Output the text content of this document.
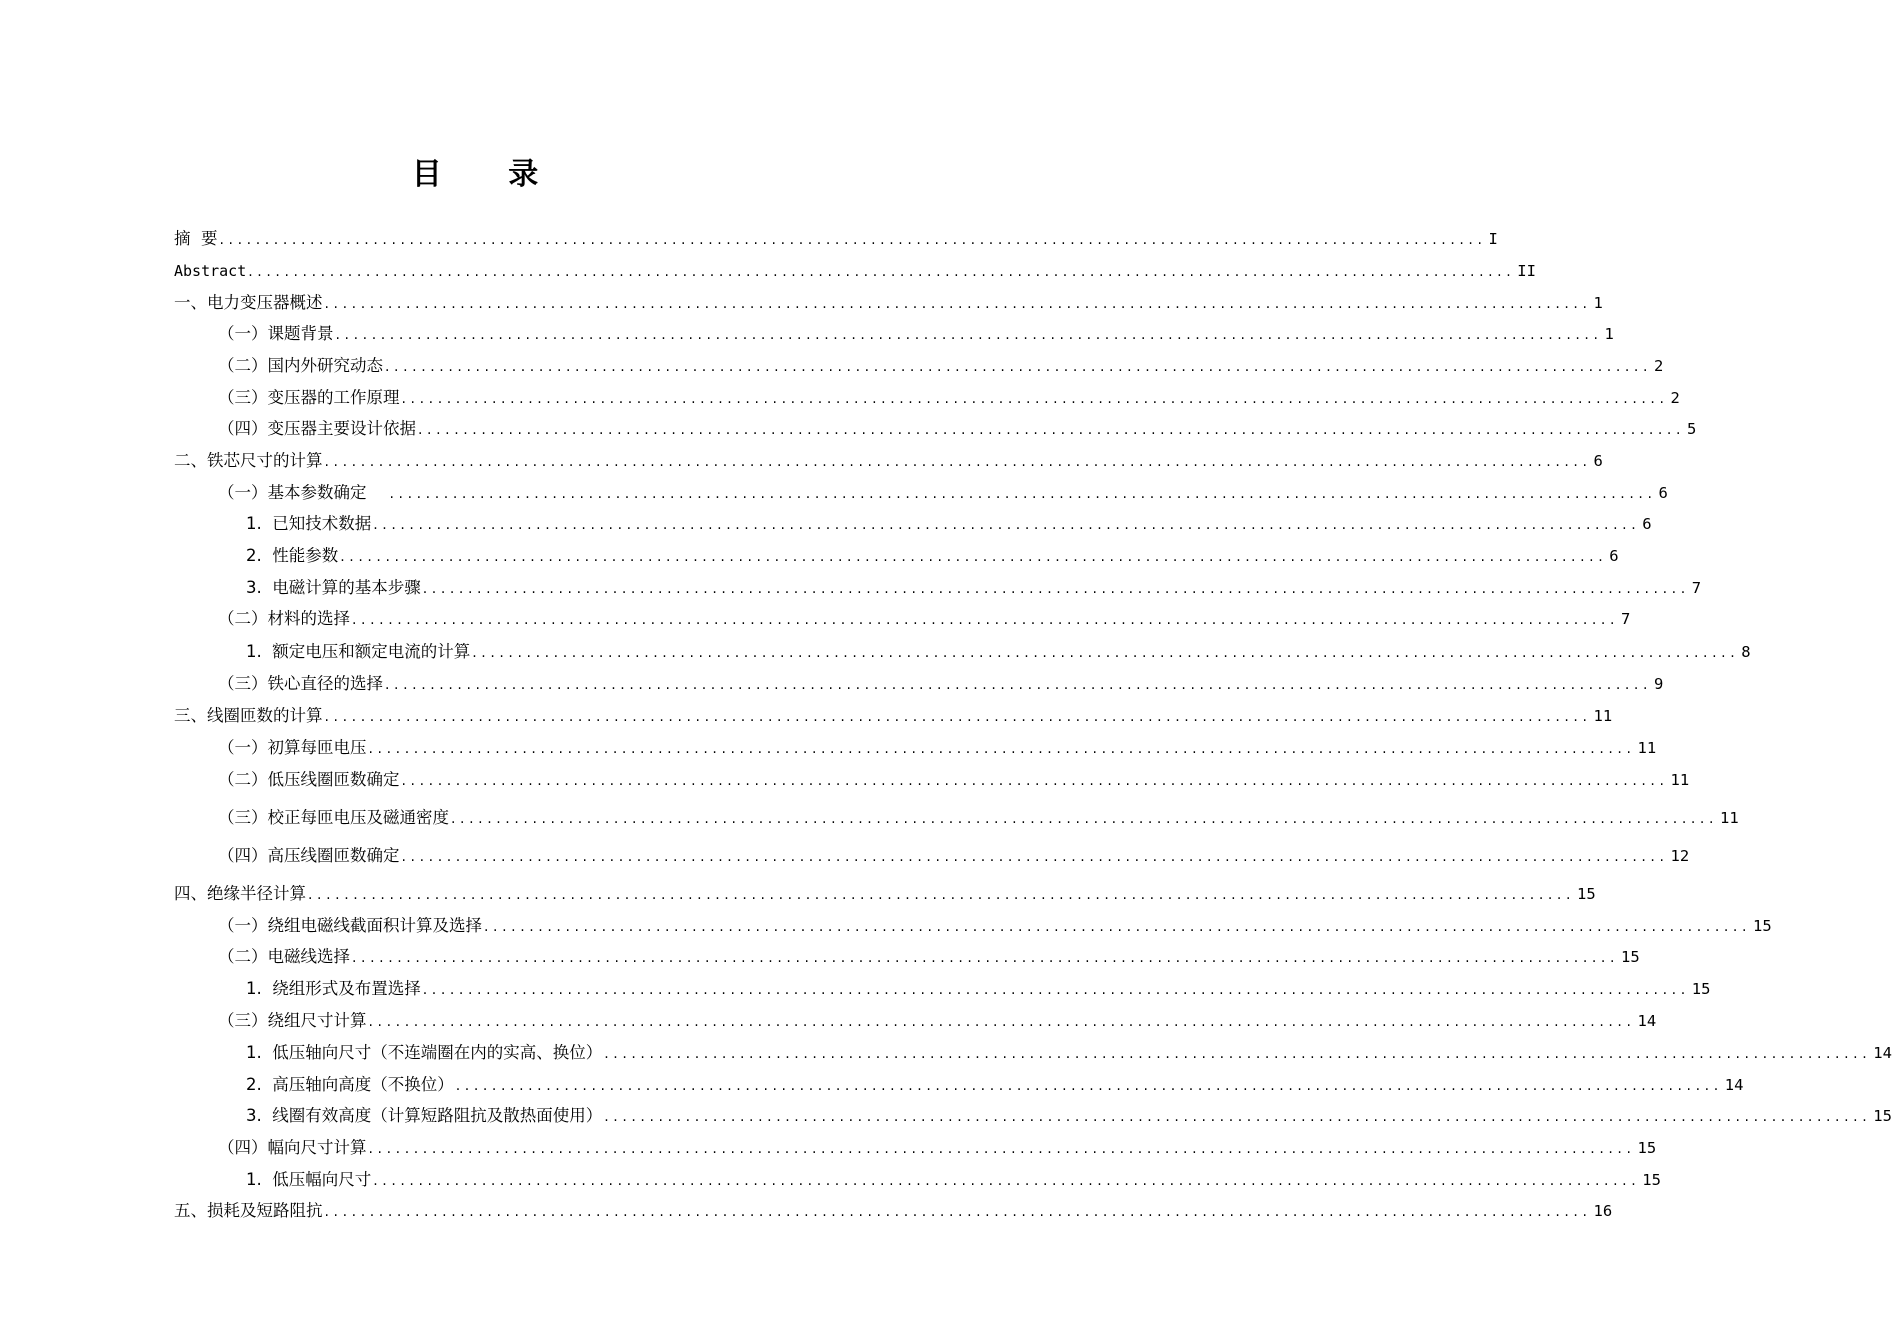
目 录
摘  要 ............................................................................................................................................ I
Abstract ............................................................................................................................................ II
一、电力变压器概述 ............................................................................................................................................ 1
（一）课题背景 ............................................................................................................................................ 1
（二）国内外研究动态 ............................................................................................................................................ 2
（三）变压器的工作原理 ............................................................................................................................................ 2
（四）变压器主要设计依据 ............................................................................................................................................ 5
二、铁芯尺寸的计算 ............................................................................................................................................ 6
（一）基本参数确定 ............................................................................................................................................ 6
1.  已知技术数据 ............................................................................................................................................ 6
2.  性能参数 ............................................................................................................................................ 6
3.  电磁计算的基本步骤 ............................................................................................................................................ 7
（二）材料的选择 ............................................................................................................................................ 7
1.  额定电压和额定电流的计算 ............................................................................................................................................ 8
（三）铁心直径的选择 ............................................................................................................................................ 9
三、线圈匝数的计算 ............................................................................................................................................ 11
（一）初算每匝电压 ............................................................................................................................................ 11
（二）低压线圈匝数确定 ............................................................................................................................................ 11
（三）校正每匝电压及磁通密度 ............................................................................................................................................ 11
（四）高压线圈匝数确定 ............................................................................................................................................ 12
四、绝缘半径计算 ............................................................................................................................................ 15
（一）绕组电磁线截面积计算及选择 ............................................................................................................................................ 15
（二）电磁线选择 ............................................................................................................................................ 15
1.  绕组形式及布置选择 ............................................................................................................................................ 15
（三）绕组尺寸计算 ............................................................................................................................................ 14
1.  低压轴向尺寸（不连端圈在内的实高、换位） ............................................................................................................................................ 14
2.  高压轴向高度（不换位） ............................................................................................................................................ 14
3.  线圈有效高度（计算短路阻抗及散热面使用） ............................................................................................................................................ 15
（四）幅向尺寸计算 ............................................................................................................................................ 15
1.  低压幅向尺寸 ............................................................................................................................................ 15
五、损耗及短路阻抗 ............................................................................................................................................ 16
